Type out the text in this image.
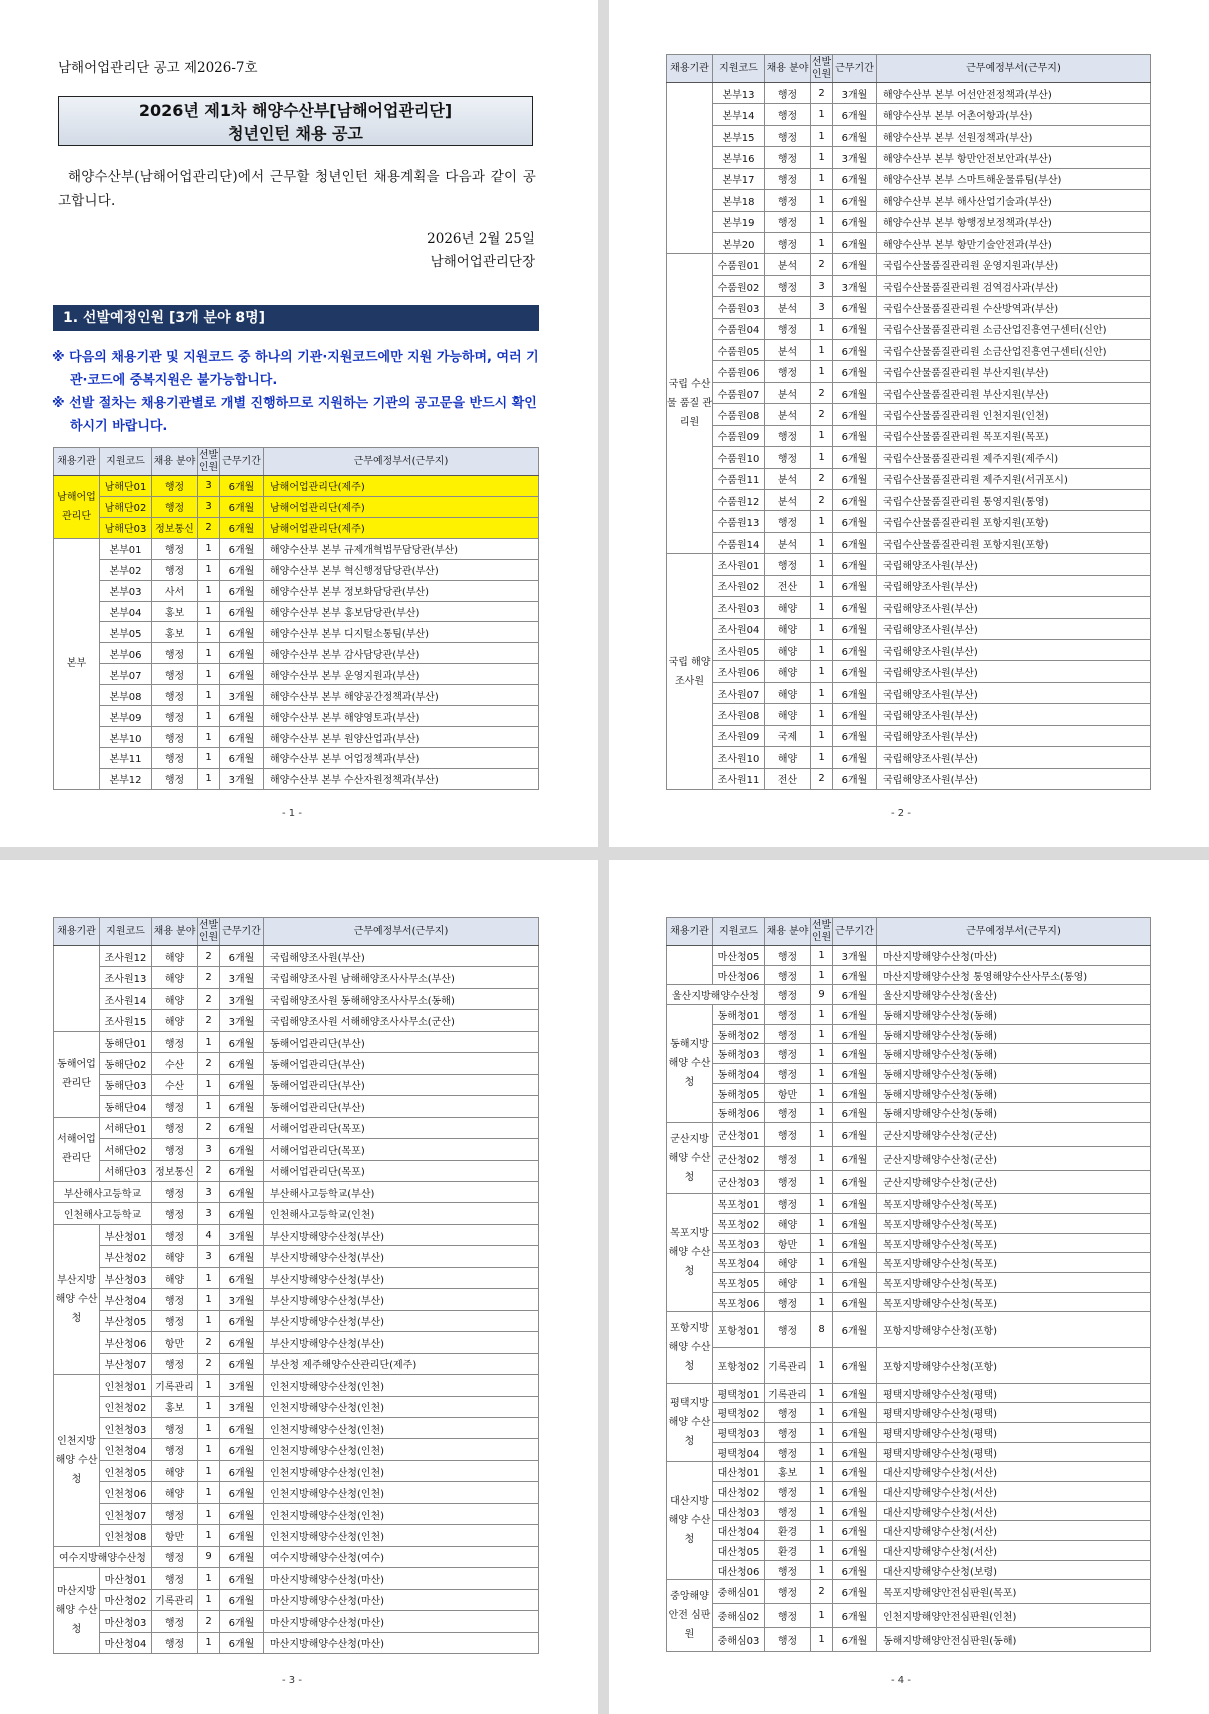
남해어업관리단 공고 제2026-7호
2026년 제1차 해양수산부[남해어업관리단]
청년인턴 채용 공고
해양수산부(남해어업관리단)에서 근무할 청년인턴 채용계획을 다음과 같이 공고합니다.
2026년 2월 25일
남해어업관리단장
1. 선발예정인원 [3개 분야 8명]
※ 다음의 채용기관 및 지원코드 중 하나의 기관·지원코드에만 지원 가능하며, 여러 기관·코드에 중복지원은 불가능합니다.
※ 선발 절차는 채용기관별로 개별 진행하므로 지원하는 기관의 공고문을 반드시 확인하시기 바랍니다.
- 1 -	- 2 -
- 3 -	- 4 -
채용기관	지원코드	채용 분야	선발 인원	근무기간	근무예정부서(근무지)
남해어업 관리단	남해단01	행정	3	6개월	남해어업관리단(제주)
	남해단02	행정	3	6개월	남해어업관리단(제주)
	남해단03	정보통신	2	6개월	남해어업관리단(제주)
본부	본부01	행정	1	6개월	해양수산부 본부 규제개혁법무담당관(부산)
	본부02	행정	1	6개월	해양수산부 본부 혁신행정담당관(부산)
	본부03	사서	1	6개월	해양수산부 본부 정보화담당관(부산)
	본부04	홍보	1	6개월	해양수산부 본부 홍보담당관(부산)
	본부05	홍보	1	6개월	해양수산부 본부 디지털소통팀(부산)
	본부06	행정	1	6개월	해양수산부 본부 감사담당관(부산)
	본부07	행정	1	6개월	해양수산부 본부 운영지원과(부산)
	본부08	행정	1	3개월	해양수산부 본부 해양공간정책과(부산)
	본부09	행정	1	6개월	해양수산부 본부 해양영토과(부산)
	본부10	행정	1	6개월	해양수산부 본부 원양산업과(부산)
	본부11	행정	1	6개월	해양수산부 본부 어업정책과(부산)
	본부12	행정	1	3개월	해양수산부 본부 수산자원정책과(부산)
채용기관	지원코드	채용 분야	선발 인원	근무기간	근무예정부서(근무지)
	본부13	행정	2	3개월	해양수산부 본부 어선안전정책과(부산)
	본부14	행정	1	6개월	해양수산부 본부 어촌어항과(부산)
	본부15	행정	1	6개월	해양수산부 본부 선원정책과(부산)
	본부16	행정	1	3개월	해양수산부 본부 항만안전보안과(부산)
	본부17	행정	1	6개월	해양수산부 본부 스마트해운물류팀(부산)
	본부18	행정	1	6개월	해양수산부 본부 해사산업기술과(부산)
	본부19	행정	1	6개월	해양수산부 본부 항행정보정책과(부산)
	본부20	행정	1	6개월	해양수산부 본부 항만기술안전과(부산)
국립 수산물 품질 관리원	수품원01	분석	2	6개월	국립수산물품질관리원 운영지원과(부산)
	수품원02	행정	3	3개월	국립수산물품질관리원 검역검사과(부산)
	수품원03	분석	3	6개월	국립수산물품질관리원 수산방역과(부산)
	수품원04	행정	1	6개월	국립수산물품질관리원 소금산업진흥연구센터(신안)
	수품원05	분석	1	6개월	국립수산물품질관리원 소금산업진흥연구센터(신안)
	수품원06	행정	1	6개월	국립수산물품질관리원 부산지원(부산)
	수품원07	분석	2	6개월	국립수산물품질관리원 부산지원(부산)
	수품원08	분석	2	6개월	국립수산물품질관리원 인천지원(인천)
	수품원09	행정	1	6개월	국립수산물품질관리원 목포지원(목포)
	수품원10	행정	1	6개월	국립수산물품질관리원 제주지원(제주시)
	수품원11	분석	2	6개월	국립수산물품질관리원 제주지원(서귀포시)
	수품원12	분석	2	6개월	국립수산물품질관리원 통영지원(통영)
	수품원13	행정	1	6개월	국립수산물품질관리원 포항지원(포항)
	수품원14	분석	1	6개월	국립수산물품질관리원 포항지원(포항)
국립 해양 조사원	조사원01	행정	1	6개월	국립해양조사원(부산)
	조사원02	전산	1	6개월	국립해양조사원(부산)
	조사원03	해양	1	6개월	국립해양조사원(부산)
	조사원04	해양	1	6개월	국립해양조사원(부산)
	조사원05	해양	1	6개월	국립해양조사원(부산)
	조사원06	해양	1	6개월	국립해양조사원(부산)
	조사원07	해양	1	6개월	국립해양조사원(부산)
	조사원08	해양	1	6개월	국립해양조사원(부산)
	조사원09	국제	1	6개월	국립해양조사원(부산)
	조사원10	해양	1	6개월	국립해양조사원(부산)
	조사원11	전산	2	6개월	국립해양조사원(부산)
채용기관	지원코드	채용 분야	선발 인원	근무기간	근무예정부서(근무지)
	조사원12	해양	2	6개월	국립해양조사원(부산)
	조사원13	해양	2	3개월	국립해양조사원 남해해양조사사무소(부산)
	조사원14	해양	2	3개월	국립해양조사원 동해해양조사사무소(동해)
	조사원15	해양	2	3개월	국립해양조사원 서해해양조사사무소(군산)
동해어업 관리단	동해단01	행정	1	6개월	동해어업관리단(부산)
	동해단02	수산	2	6개월	동해어업관리단(부산)
	동해단03	수산	1	6개월	동해어업관리단(부산)
	동해단04	행정	1	6개월	동해어업관리단(부산)
서해어업 관리단	서해단01	행정	2	6개월	서해어업관리단(목포)
	서해단02	행정	3	6개월	서해어업관리단(목포)
	서해단03	정보통신	2	6개월	서해어업관리단(목포)
부산해사고등학교		행정	3	6개월	부산해사고등학교(부산)
인천해사고등학교		행정	3	6개월	인천해사고등학교(인천)
부산지방 해양 수산청	부산청01	행정	4	3개월	부산지방해양수산청(부산)
	부산청02	해양	3	6개월	부산지방해양수산청(부산)
	부산청03	해양	1	6개월	부산지방해양수산청(부산)
	부산청04	행정	1	3개월	부산지방해양수산청(부산)
	부산청05	행정	1	6개월	부산지방해양수산청(부산)
	부산청06	항만	2	6개월	부산지방해양수산청(부산)
	부산청07	행정	2	6개월	부산청 제주해양수산관리단(제주)
인천지방 해양 수산청	인천청01	기록관리	1	3개월	인천지방해양수산청(인천)
	인천청02	홍보	1	3개월	인천지방해양수산청(인천)
	인천청03	행정	1	6개월	인천지방해양수산청(인천)
	인천청04	행정	1	6개월	인천지방해양수산청(인천)
	인천청05	해양	1	6개월	인천지방해양수산청(인천)
	인천청06	해양	1	6개월	인천지방해양수산청(인천)
	인천청07	행정	1	6개월	인천지방해양수산청(인천)
	인천청08	항만	1	6개월	인천지방해양수산청(인천)
여수지방해양수산청		행정	9	6개월	여수지방해양수산청(여수)
마산지방 해양 수산청	마산청01	행정	1	6개월	마산지방해양수산청(마산)
	마산청02	기록관리	1	6개월	마산지방해양수산청(마산)
	마산청03	행정	2	6개월	마산지방해양수산청(마산)
	마산청04	행정	1	6개월	마산지방해양수산청(마산)
채용기관	지원코드	채용 분야	선발 인원	근무기간	근무예정부서(근무지)
	마산청05	행정	1	3개월	마산지방해양수산청(마산)
	마산청06	행정	1	6개월	마산지방해양수산청 통영해양수산사무소(통영)
울산지방해양수산청		행정	9	6개월	울산지방해양수산청(울산)
동해지방 해양 수산청	동해청01	행정	1	6개월	동해지방해양수산청(동해)
	동해청02	행정	1	6개월	동해지방해양수산청(동해)
	동해청03	행정	1	6개월	동해지방해양수산청(동해)
	동해청04	행정	1	6개월	동해지방해양수산청(동해)
	동해청05	항만	1	6개월	동해지방해양수산청(동해)
	동해청06	행정	1	6개월	동해지방해양수산청(동해)
군산지방 해양 수산청	군산청01	행정	1	6개월	군산지방해양수산청(군산)
	군산청02	행정	1	6개월	군산지방해양수산청(군산)
	군산청03	행정	1	6개월	군산지방해양수산청(군산)
목포지방 해양 수산청	목포청01	행정	1	6개월	목포지방해양수산청(목포)
	목포청02	해양	1	6개월	목포지방해양수산청(목포)
	목포청03	항만	1	6개월	목포지방해양수산청(목포)
	목포청04	해양	1	6개월	목포지방해양수산청(목포)
	목포청05	해양	1	6개월	목포지방해양수산청(목포)
	목포청06	행정	1	6개월	목포지방해양수산청(목포)
포항지방 해양 수산청	포항청01	행정	8	6개월	포항지방해양수산청(포항)
	포항청02	기록관리	1	6개월	포항지방해양수산청(포항)
평택지방 해양 수산청	평택청01	기록관리	1	6개월	평택지방해양수산청(평택)
	평택청02	행정	1	6개월	평택지방해양수산청(평택)
	평택청03	행정	1	6개월	평택지방해양수산청(평택)
	평택청04	행정	1	6개월	평택지방해양수산청(평택)
대산지방 해양 수산청	대산청01	홍보	1	6개월	대산지방해양수산청(서산)
	대산청02	행정	1	6개월	대산지방해양수산청(서산)
	대산청03	행정	1	6개월	대산지방해양수산청(서산)
	대산청04	환경	1	6개월	대산지방해양수산청(서산)
	대산청05	환경	1	6개월	대산지방해양수산청(서산)
	대산청06	행정	1	6개월	대산지방해양수산청(보령)
중앙해양 안전 심판원	중해심01	행정	2	6개월	목포지방해양안전심판원(목포)
	중해심02	행정	1	6개월	인천지방해양안전심판원(인천)
	중해심03	행정	1	6개월	동해지방해양안전심판원(동해)
